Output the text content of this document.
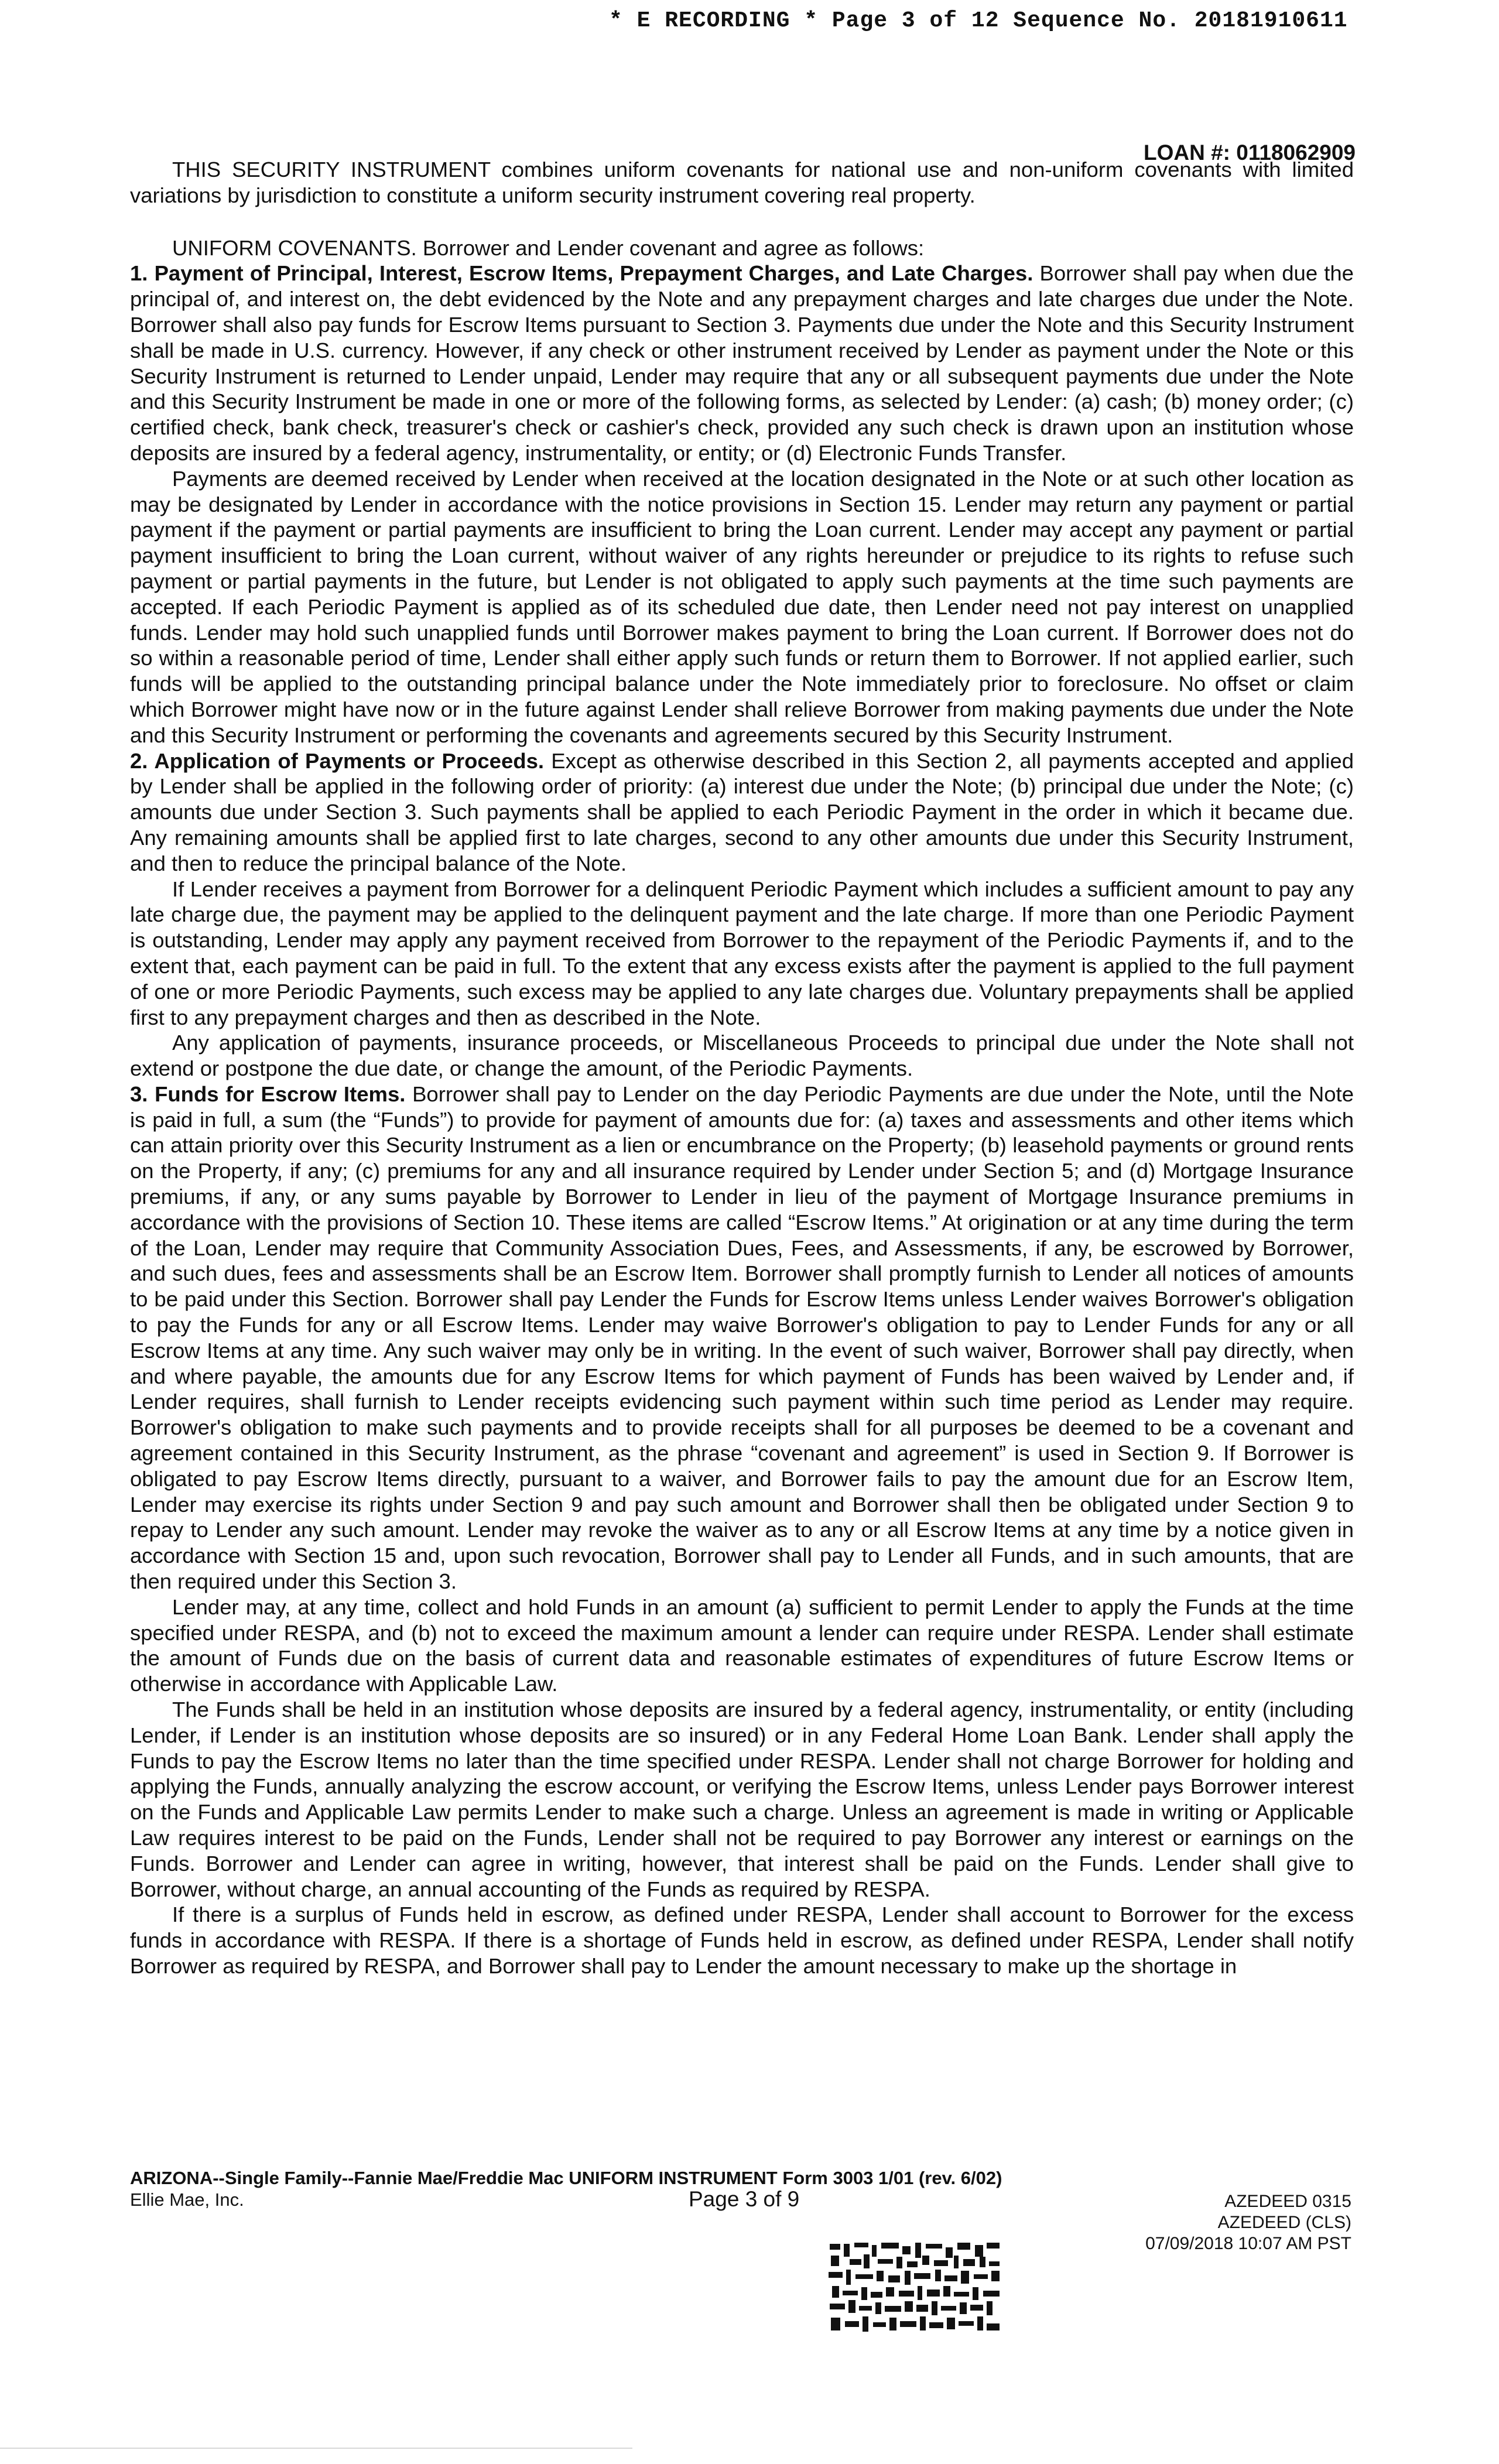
* E RECORDING * Page 3 of 12 Sequence No. 20181910611
LOAN #: 0118062909

THIS SECURITY INSTRUMENT combines uniform covenants for national use and non-uniform covenants with limited variations by jurisdiction to constitute a uniform security instrument covering real property.

UNIFORM COVENANTS. Borrower and Lender covenant and agree as follows:

1. Payment of Principal, Interest, Escrow Items, Prepayment Charges, and Late Charges. Borrower shall pay when due the principal of, and interest on, the debt evidenced by the Note and any prepayment charges and late charges due under the Note. Borrower shall also pay funds for Escrow Items pursuant to Section 3. Payments due under the Note and this Security Instrument shall be made in U.S. currency. However, if any check or other instrument received by Lender as payment under the Note or this Security Instrument is returned to Lender unpaid, Lender may require that any or all subsequent payments due under the Note and this Security Instrument be made in one or more of the following forms, as selected by Lender: (a) cash; (b) money order; (c) certified check, bank check, treasurer's check or cashier's check, provided any such check is drawn upon an institution whose deposits are insured by a federal agency, instrumentality, or entity; or (d) Electronic Funds Transfer.

Payments are deemed received by Lender when received at the location designated in the Note or at such other location as may be designated by Lender in accordance with the notice provisions in Section 15. Lender may return any payment or partial payment if the payment or partial payments are insufficient to bring the Loan current. Lender may accept any payment or partial payment insufficient to bring the Loan current, without waiver of any rights hereunder or prejudice to its rights to refuse such payment or partial payments in the future, but Lender is not obligated to apply such payments at the time such payments are accepted. If each Periodic Payment is applied as of its scheduled due date, then Lender need not pay interest on unapplied funds. Lender may hold such unapplied funds until Borrower makes payment to bring the Loan current. If Borrower does not do so within a reasonable period of time, Lender shall either apply such funds or return them to Borrower. If not applied earlier, such funds will be applied to the outstanding principal balance under the Note immediately prior to foreclosure. No offset or claim which Borrower might have now or in the future against Lender shall relieve Borrower from making payments due under the Note and this Security Instrument or performing the covenants and agreements secured by this Security Instrument.

2. Application of Payments or Proceeds. Except as otherwise described in this Section 2, all payments accepted and applied by Lender shall be applied in the following order of priority: (a) interest due under the Note; (b) principal due under the Note; (c) amounts due under Section 3. Such payments shall be applied to each Periodic Payment in the order in which it became due. Any remaining amounts shall be applied first to late charges, second to any other amounts due under this Security Instrument, and then to reduce the principal balance of the Note.

If Lender receives a payment from Borrower for a delinquent Periodic Payment which includes a sufficient amount to pay any late charge due, the payment may be applied to the delinquent payment and the late charge. If more than one Periodic Payment is outstanding, Lender may apply any payment received from Borrower to the repayment of the Periodic Payments if, and to the extent that, each payment can be paid in full. To the extent that any excess exists after the payment is applied to the full payment of one or more Periodic Payments, such excess may be applied to any late charges due. Voluntary prepayments shall be applied first to any prepayment charges and then as described in the Note.

Any application of payments, insurance proceeds, or Miscellaneous Proceeds to principal due under the Note shall not extend or postpone the due date, or change the amount, of the Periodic Payments.

3. Funds for Escrow Items. Borrower shall pay to Lender on the day Periodic Payments are due under the Note, until the Note is paid in full, a sum (the “Funds”) to provide for payment of amounts due for: (a) taxes and assessments and other items which can attain priority over this Security Instrument as a lien or encumbrance on the Property; (b) leasehold payments or ground rents on the Property, if any; (c) premiums for any and all insurance required by Lender under Section 5; and (d) Mortgage Insurance premiums, if any, or any sums payable by Borrower to Lender in lieu of the payment of Mortgage Insurance premiums in accordance with the provisions of Section 10. These items are called “Escrow Items.” At origination or at any time during the term of the Loan, Lender may require that Community Association Dues, Fees, and Assessments, if any, be escrowed by Borrower, and such dues, fees and assessments shall be an Escrow Item. Borrower shall promptly furnish to Lender all notices of amounts to be paid under this Section. Borrower shall pay Lender the Funds for Escrow Items unless Lender waives Borrower's obligation to pay the Funds for any or all Escrow Items. Lender may waive Borrower's obligation to pay to Lender Funds for any or all Escrow Items at any time. Any such waiver may only be in writing. In the event of such waiver, Borrower shall pay directly, when and where payable, the amounts due for any Escrow Items for which payment of Funds has been waived by Lender and, if Lender requires, shall furnish to Lender receipts evidencing such payment within such time period as Lender may require. Borrower's obligation to make such payments and to provide receipts shall for all purposes be deemed to be a covenant and agreement contained in this Security Instrument, as the phrase “covenant and agreement” is used in Section 9. If Borrower is obligated to pay Escrow Items directly, pursuant to a waiver, and Borrower fails to pay the amount due for an Escrow Item, Lender may exercise its rights under Section 9 and pay such amount and Borrower shall then be obligated under Section 9 to repay to Lender any such amount. Lender may revoke the waiver as to any or all Escrow Items at any time by a notice given in accordance with Section 15 and, upon such revocation, Borrower shall pay to Lender all Funds, and in such amounts, that are then required under this Section 3.

Lender may, at any time, collect and hold Funds in an amount (a) sufficient to permit Lender to apply the Funds at the time specified under RESPA, and (b) not to exceed the maximum amount a lender can require under RESPA. Lender shall estimate the amount of Funds due on the basis of current data and reasonable estimates of expenditures of future Escrow Items or otherwise in accordance with Applicable Law.

The Funds shall be held in an institution whose deposits are insured by a federal agency, instrumentality, or entity (including Lender, if Lender is an institution whose deposits are so insured) or in any Federal Home Loan Bank. Lender shall apply the Funds to pay the Escrow Items no later than the time specified under RESPA. Lender shall not charge Borrower for holding and applying the Funds, annually analyzing the escrow account, or verifying the Escrow Items, unless Lender pays Borrower interest on the Funds and Applicable Law permits Lender to make such a charge. Unless an agreement is made in writing or Applicable Law requires interest to be paid on the Funds, Lender shall not be required to pay Borrower any interest or earnings on the Funds. Borrower and Lender can agree in writing, however, that interest shall be paid on the Funds. Lender shall give to Borrower, without charge, an annual accounting of the Funds as required by RESPA.

If there is a surplus of Funds held in escrow, as defined under RESPA, Lender shall account to Borrower for the excess funds in accordance with RESPA. If there is a shortage of Funds held in escrow, as defined under RESPA, Lender shall notify Borrower as required by RESPA, and Borrower shall pay to Lender the amount necessary to make up the shortage in

ARIZONA--Single Family--Fannie Mae/Freddie Mac UNIFORM INSTRUMENT Form 3003 1/01 (rev. 6/02)
Ellie Mae, Inc.	Page 3 of 9	AZEDEED 0315
AZEDEED (CLS)
07/09/2018 10:07 AM PST
